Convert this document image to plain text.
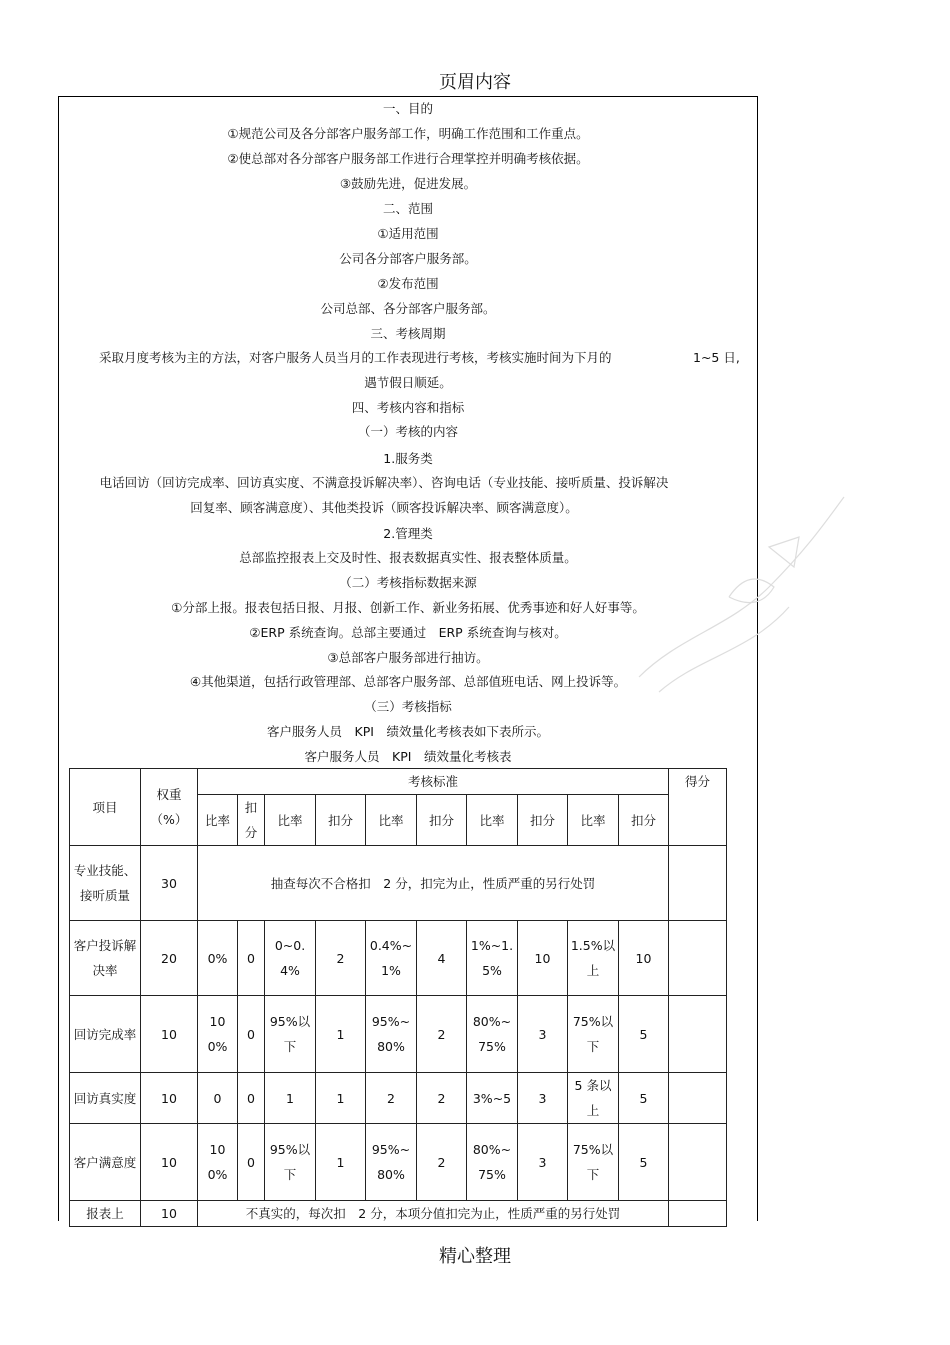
页眉内容
一、目的
①规范公司及各分部客户服务部工作，明确工作范围和工作重点。
②使总部对各分部客户服务部工作进行合理掌控并明确考核依据。
③鼓励先进，促进发展。
二、范围
①适用范围
公司各分部客户服务部。
②发布范围
公司总部、各分部客户服务部。
三、考核周期
采取月度考核为主的方法，对客户服务人员当月的工作表现进行考核，考核实施时间为下月的	1~5 日,
遇节假日顺延。
四、考核内容和指标
（一）考核的内容
1.服务类
电话回访（回访完成率、回访真实度、不满意投诉解决率）、咨询电话（专业技能、接听质量、投诉解决
回复率、顾客满意度）、其他类投诉（顾客投诉解决率、顾客满意度）。
2.管理类
总部监控报表上交及时性、报表数据真实性、报表整体质量。
（二）考核指标数据来源
①分部上报。报表包括日报、月报、创新工作、新业务拓展、优秀事迹和好人好事等。
②ERP 系统查询。总部主要通过　ERP 系统查询与核对。
③总部客户服务部进行抽访。
④其他渠道，包括行政管理部、总部客户服务部、总部值班电话、网上投诉等。
（三）考核指标
客户服务人员　KPI　绩效量化考核表如下表所示。
客户服务人员　KPI　绩效量化考核表
项目	权重（%）	考核标准										得分
		比率	扣分	比率	扣分	比率	扣分	比率	扣分	比率	扣分	
专业技能、接听质量	30	抽查每次不合格扣　2 分，扣完为止，性质严重的另行处罚										
客户投诉解决率	20	0%	0	0~0.4%	2	0.4%~1%	4	1%~1.5%	10	1.5%以上	10	
回访完成率	10	100%	0	95%以下	1	95%~80%	2	80%~75%	3	75%以下	5	
回访真实度	10	0	0	1	1	2	2	3%~5	3	5 条以上	5	
客户满意度	10	100%	0	95%以下	1	95%~80%	2	80%~75%	3	75%以下	5	
报表上	10	不真实的，每次扣　2 分，本项分值扣完为止，性质严重的另行处罚										
精心整理
